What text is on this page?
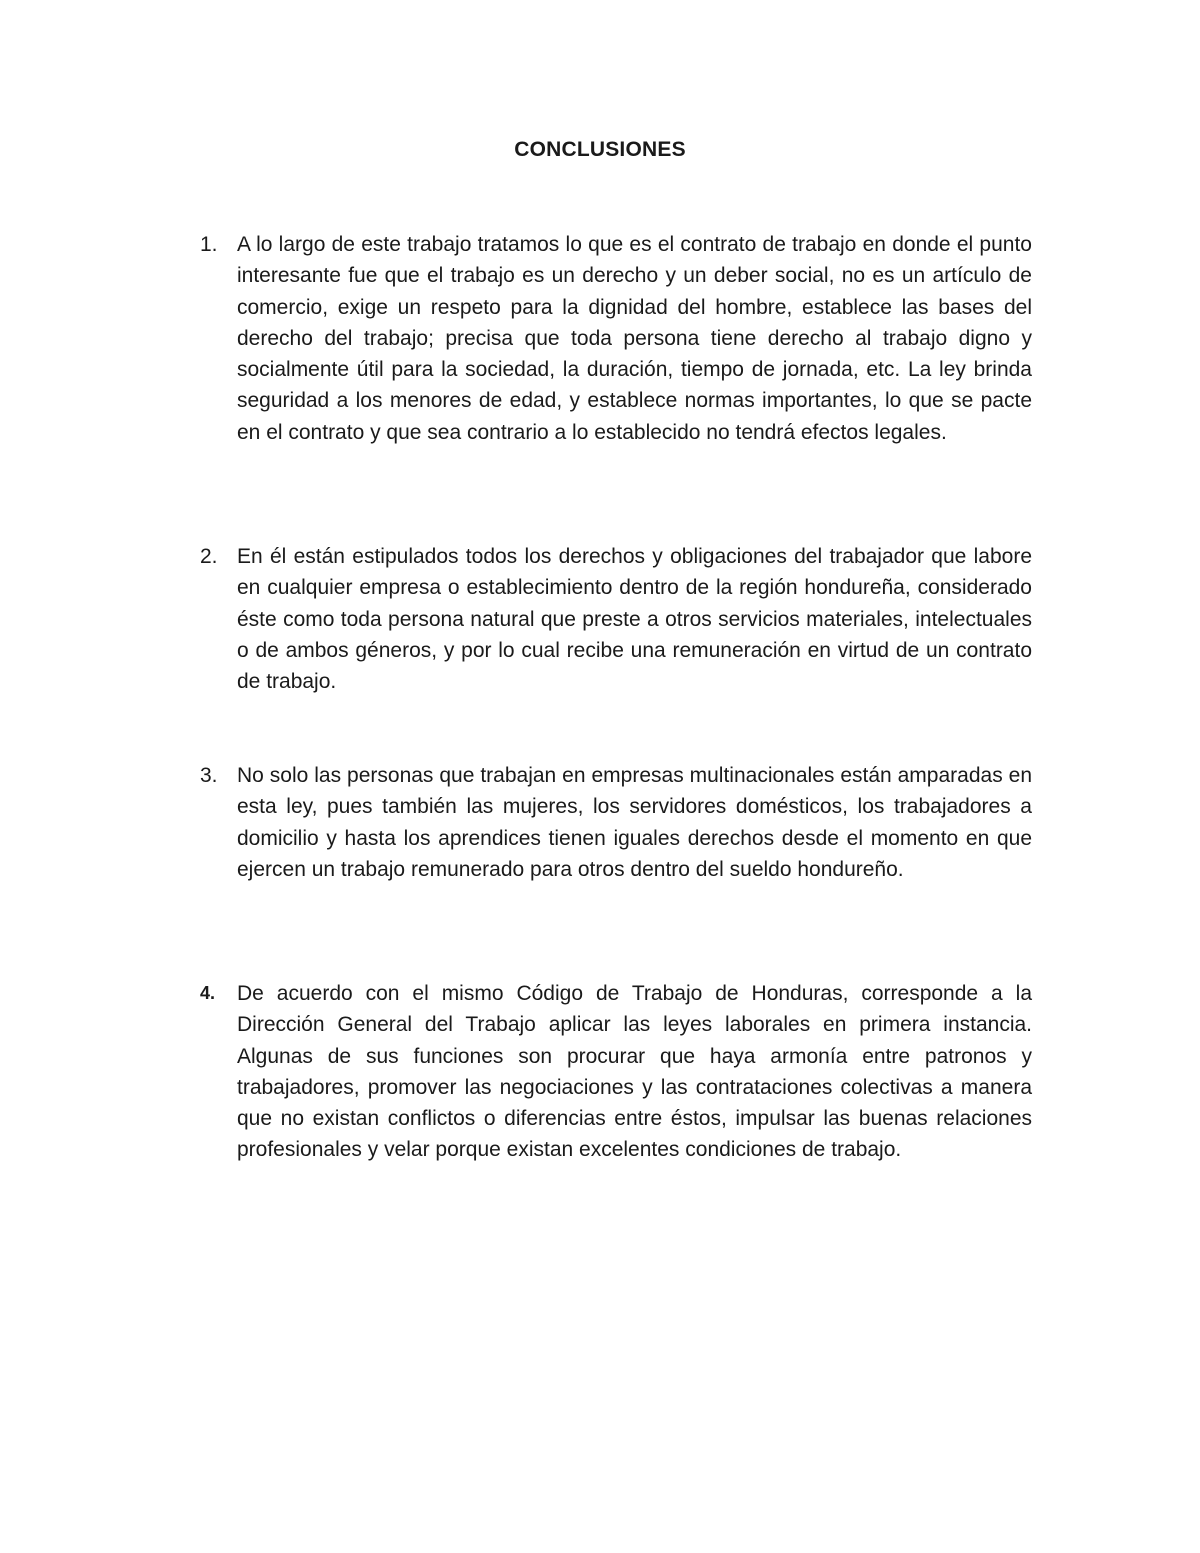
CONCLUSIONES
1. A lo largo de este trabajo tratamos lo que es el contrato de trabajo en donde el punto interesante fue que el trabajo es un derecho y un deber social, no es un artículo de comercio, exige un respeto para la dignidad del hombre, establece las bases del derecho del trabajo; precisa que toda persona tiene derecho al trabajo digno y socialmente útil para la sociedad, la duración, tiempo de jornada, etc. La ley brinda seguridad a los menores de edad, y establece normas importantes, lo que se pacte en el contrato y que sea contrario a lo establecido no tendrá efectos legales.

2. En él están estipulados todos los derechos y obligaciones del trabajador que labore en cualquier empresa o establecimiento dentro de la región hondureña, considerado éste como toda persona natural que preste a otros servicios materiales, intelectuales o de ambos géneros, y por lo cual recibe una remuneración en virtud de un contrato de trabajo.

3. No solo las personas que trabajan en empresas multinacionales están amparadas en esta ley, pues también las mujeres, los servidores domésticos, los trabajadores a domicilio y hasta los aprendices tienen iguales derechos desde el momento en que ejercen un trabajo remunerado para otros dentro del sueldo hondureño.

4. De acuerdo con el mismo Código de Trabajo de Honduras, corresponde a la Dirección General del Trabajo aplicar las leyes laborales en primera instancia. Algunas de sus funciones son procurar que haya armonía entre patronos y trabajadores, promover las negociaciones y las contrataciones colectivas a manera que no existan conflictos o diferencias entre éstos, impulsar las buenas relaciones profesionales y velar porque existan excelentes condiciones de trabajo.
